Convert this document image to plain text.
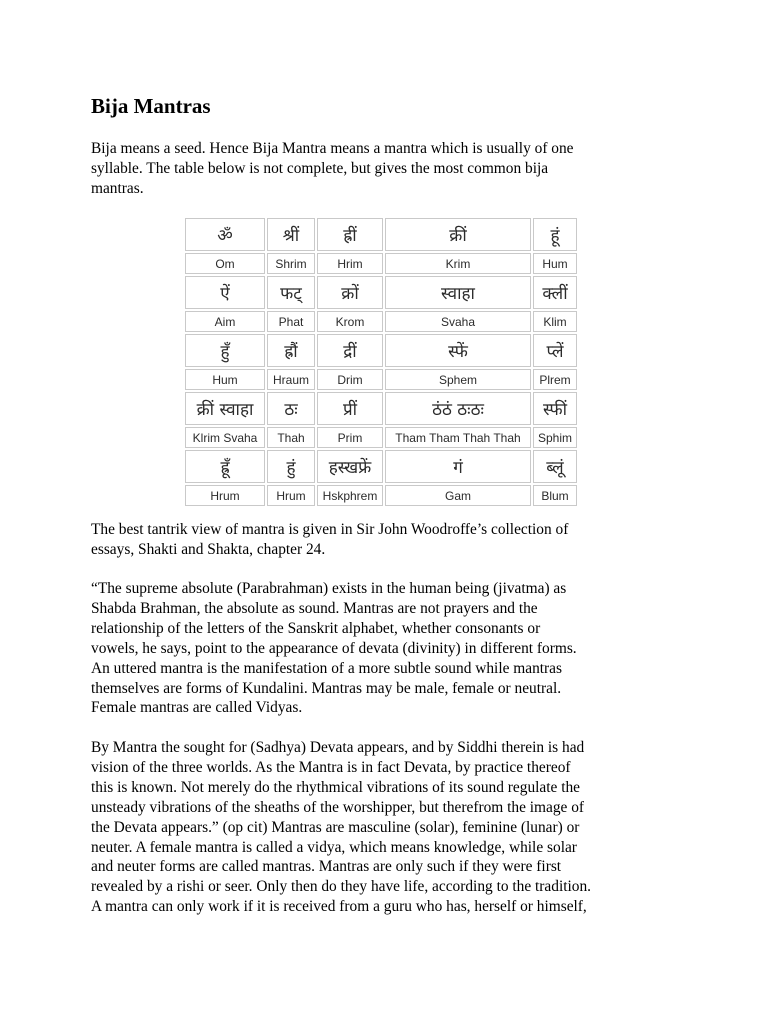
Bija Mantras

Bija means a seed. Hence Bija Mantra means a mantra which is usually of one
syllable. The table below is not complete, but gives the most common bija
mantras.

The best tantrik view of mantra is given in Sir John Woodroffe’s collection of
essays, Shakti and Shakta, chapter 24.

“The supreme absolute (Parabrahman) exists in the human being (jivatma) as
Shabda Brahman, the absolute as sound. Mantras are not prayers and the
relationship of the letters of the Sanskrit alphabet, whether consonants or
vowels, he says, point to the appearance of devata (divinity) in different forms.
An uttered mantra is the manifestation of a more subtle sound while mantras
themselves are forms of Kundalini. Mantras may be male, female or neutral.
Female mantras are called Vidyas.

By Mantra the sought for (Sadhya) Devata appears, and by Siddhi therein is had
vision of the three worlds. As the Mantra is in fact Devata, by practice thereof
this is known. Not merely do the rhythmical vibrations of its sound regulate the
unsteady vibrations of the sheaths of the worshipper, but therefrom the image of
the Devata appears.” (op cit) Mantras are masculine (solar), feminine (lunar) or
neuter. A female mantra is called a vidya, which means knowledge, while solar
and neuter forms are called mantras. Mantras are only such if they were first
revealed by a rishi or seer. Only then do they have life, according to the tradition.
A mantra can only work if it is received from a guru who has, herself or himself,

ॐ	श्रीं	ह्रीं	क्रीं	हूं
Om	Shrim	Hrim	Krim	Hum
ऐं	फट्	क्रों	स्वाहा	क्लीं
Aim	Phat	Krom	Svaha	Klim
हुँ	ह्रौं	द्रीं	स्फें	प्लें
Hum	Hraum	Drim	Sphem	Plrem
क्रीं स्वाहा	ठः	प्रीं	ठंठं ठःठः	स्फीं
Klrim Svaha	Thah	Prim	Tham Tham Thah Thah	Sphim
ह्रूँ	हुं	हस्खफ्रें	गं	ब्लूं
Hrum	Hrum	Hskphrem	Gam	Blum
